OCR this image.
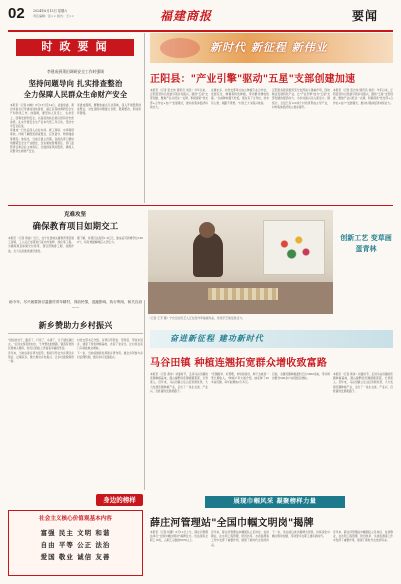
02	2024年6月15日 星期六
责任编辑：张×× 版式：王××	福建商报	要闻
时 政 要 闻
李建成到莆田调研安全工作时强调
坚持问题导向 扎实排查整治
全力保障人民群众生命财产安全

本报讯（记者 林晓）6月13日至14日，省委常委、莆田市委书记李建成到仙游县、涵江区等地调研安全生产和防汛工作。他强调，要坚持人民至上、生命至上，统筹发展和安全，以高度的政治责任感和历史使命感，扎实开展安全生产治本攻坚三年行动，坚决守牢安全底线。

李建成一行先后深入企业车间、施工现场、水库堤坝等地，详细了解隐患排查整治、应急值守、物资储备等情况。他指出，当前正值主汛期，各级各部门要时刻绷紧安全生产这根弦，压实属地管理责任、部门监管责任和企业主体责任，全面排查风险隐患，确保人民群众生命财产安全。

李建成强调，要聚焦重点行业领域，深入开展隐患排查整治，对发现的问题建立台账、限期整改，形成闭环管理。

新时代 新征程 新伟业
正阳县："产业引擎"驱动"五星"支部创建加速

本报讯（记者 张志伟 通讯员 刘佳）今年以来，正阳县坚持以党建引领乡村振兴，围绕"五星"支部创建，聚焦产业兴旺这一关键，积极探索"党支部+合作社+农户"发展模式，推动村集体经济持续壮大。

在慎水乡，村党支部牵头成立种植专业合作社，发展花生、辣椒等特色种植，带动群众增收致富。"以前种地靠天吃饭，现在有了合作社，技术有人教，销路不用愁。"村民王大爷高兴地说。

正阳县各级党组织充分发挥战斗堡垒作用，因地制宜发展特色产业，让"产业引擎"成为"五星"支部创建的强劲动力，为乡村振兴注入新活力。据统计，全县已有120余个村培育形成主导产业，村均集体经济收入稳步提升。

本报讯（记者 张志伟 通讯员 刘佳）今年以来，正阳县坚持以党建引领乡村振兴，围绕"五星"支部创建，聚焦产业兴旺这一关键，积极探索"党支部+合作社+农户"发展模式，推动村集体经济持续壮大。

克难攻坚
确保教育项目如期交工

本报讯（记者 周丽）近日，在宁化县城关镇教育项目施工现场，工人们正加紧进行室内外装修、绿化等工程。为确保项目如期交付使用，项目部倒排工期、挂图作战，全力以赴推进建设进度。

据了解，该项目总投资1.2亿元，建成后可新增学位1800个，将有效缓解城区入学压力。

创新工艺 变草画蛋青林
（记者 王芳 摄）宁化县农民艺人正在创作草编画作品，传统手艺焕发新活力。
助今年，尽兴就要探讨温德村青年精村，得前民情，逃跑影响，执行利用，和关自治——
新乡赞助力乡村振兴

"现在的村子，路宽了、灯亮了、水清了，日子越过越红火。"走进永泰县的村庄，干净整洁的道路、错落有致的民居映入眼帘，村民们的脸上洋溢着幸福的笑容。

近年来，当地以新乡贤为纽带，积极引导在外乡贤回乡创业、反哺家乡，聚力推动乡村振兴，让乡村面貌焕然一新。

村党支部书记介绍，乡贤们带资金、带项目、带技术回乡，建起了特色种植基地，办起了农家乐，让村民在家门口就能就业增收。

下一步，当地将继续发挥新乡贤作用，健全乡贤参与乡村治理机制，推动乡村全面振兴。

奋进新征程 建功新时代
马谷田镇 种植连翘拓宽群众增收致富路

本报讯（记者 黄伟）初夏时节，走进马谷田镇的连翘种植基地，漫山遍野的连翘郁郁葱葱，长势喜人。近年来，马谷田镇立足山区资源优势，大力发展连翘种植产业，走出了一条生态美、产业兴、百姓富的发展新路子。

"连翘耐旱、好管理，市场前景好，种下去就是一笔长期收入。"种植户李大姐介绍，她家种了20多亩连翘，每年能增收2万多元。

目前，全镇连翘种植面积已达5000余亩，带动周边群众300余户实现稳定增收。

本报讯（记者 黄伟）初夏时节，走进马谷田镇的连翘种植基地，漫山遍野的连翘郁郁葱葱，长势喜人。近年来，马谷田镇立足山区资源优势，大力发展连翘种植产业，走出了一条生态美、产业兴、百姓富的发展新路子。

身边的榜样
社会主义核心价值观基本内容
富强 民主 文明 和谐
自由 平等 公正 法治
爱国 敬业 诚信 友善
展现巾帼风采 凝聚榜样力量
薛庄河管理站"全国巾帼文明岗"揭牌

本报讯（记者 杨娜）6月12日上午，薛庄河管理站举行"全国巾帼文明岗"揭牌仪式。该站现有女职工18名，占职工总数的60%以上。

近年来，薛庄河管理站巾帼团队立足岗位、爱岗敬业，在水利工程管理、防汛抗旱、水质监测等工作中发挥了重要作用，展现了新时代女性的风采。

下一步，该站将以此次揭牌为契机，持续深化巾帼文明岗创建，带动更多女职工建功新时代。

近年来，薛庄河管理站巾帼团队立足岗位、爱岗敬业，在水利工程管理、防汛抗旱、水质监测等工作中发挥了重要作用，展现了新时代女性的风采。
